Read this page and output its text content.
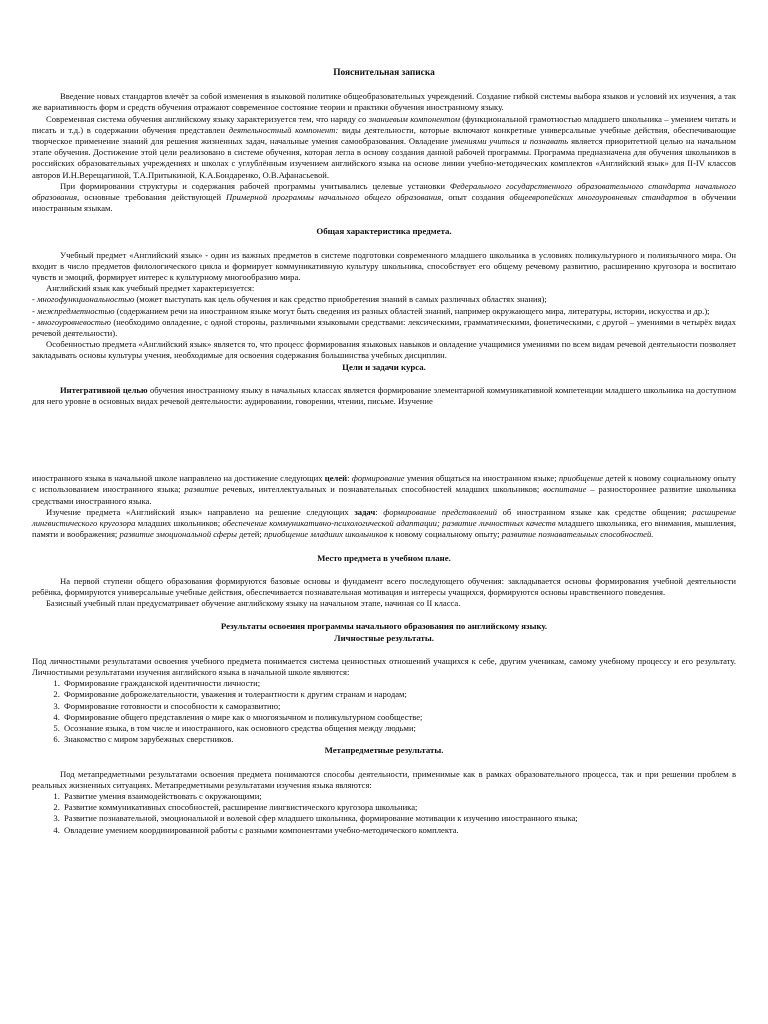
Пояснительная записка

Введение новых стандартов влечёт за собой изменения в языковой политике общеобразовательных учреждений. Создание гибкой системы выбора языков и условий их изучения, а так же вариативность форм и средств обучения отражают современное состояние теории и практики обучения иностранному языку.

Современная система обучения английскому языку характеризуется тем, что наряду со знаниевым компонентом (функциональной грамотностью младшего школьника – умением читать и писать и т.д.) в содержании обучения представлен деятельностный компонент: виды деятельности, которые включают конкретные универсальные учебные действия, обеспечивающие творческое применение знаний для решения жизненных задач, начальные умения самообразования. Овладение умениями учиться и познавать является приоритетной целью на начальном этапе обучения. Достижение этой цели реализовано в системе обучения, которая легла в основу создания данной рабочей программы. Программа предназначена для обучения школьников в российских образовательных учреждениях и школах с углублённым изучением английского языка на основе линии учебно-методических комплектов «Английский язык» для II-IV классов авторов И.Н.Верещагиной, Т.А.Притыкиной, К.А.Бондаренко, О.В.Афанасьевой.

При формировании структуры и содержания рабочей программы учитывались целевые установки Федерального государственного образовательного стандарта начального образования, основные требования действующей Примерной программы начального общего образования, опыт создания общеевропейских многоуровневых стандартов в обучении иностранным языкам.

Общая характеристика предмета.

Учебный предмет «Английский язык» - один из важных предметов в системе подготовки современного младшего школьника в условиях поликультурного и полиязычного мира. Он входит в число предметов филологического цикла и формирует коммуникативную культуру школьника, способствует его общему речевому развитию, расширению кругозора и воспитаю чувств и эмоций, формирует интерес к культурному многообразию мира.

Английский язык как учебный предмет характеризуется:

- многофункциональностью (может выступать как цель обучения и как средство приобретения знаний в самых различных областях знания);

- межпредметностью (содержанием речи на иностранном языке могут быть сведения из разных областей знаний, например окружающего мира, литературы, истории, искусства и др.);

- многоуровневостью (необходимо овладение, с одной стороны, различными языковыми средствами: лексическими, грамматическими, фонетическими, с другой – умениями в четырёх видах речевой деятельности).

Особенностью предмета «Английский язык» является то, что процесс формирования языковых навыков и овладение учащимися умениями по всем видам речевой деятельности позволяет закладывать основы культуры учения, необходимые для освоения содержания большинства учебных дисциплин.

Цели и задачи курса.

Интегративной целью обучения иностранному языку в начальных классах является формирование элементарной коммуникативной компетенции младшего школьника на доступном для него уровне в основных видах речевой деятельности: аудировании, говорении, чтении, письме. Изучение

иностранного языка в начальной школе направлено на достижение следующих целей: формирование умения общаться на иностранном языке; приобщение детей к новому социальному опыту с использованием иностранного языка; развитие речевых, интеллектуальных и познавательных способностей младших школьников; воспитание – разностороннее развитие школьника средствами иностранного языка.

Изучение предмета «Английский язык» направлено на решение следующих задач: формирование представлений об иностранном языке как средстве общения; расширение лингвистического кругозора младших школьников; обеспечение коммуникативно-психологической адаптации; развитие личностных качеств младшего школьника, его внимания, мышления, памяти и воображения; развитие эмоциональной сферы детей; приобщение младших школьников к новому социальному опыту; развитие познавательных способностей.

Место предмета в учебном плане.

На первой ступени общего образования формируются базовые основы и фундамент всего последующего обучения: закладывается основы формирования учебной деятельности ребёнка, формируются универсальные учебные действия, обеспечивается познавательная мотивация и интересы учащихся, формируются основы нравственного поведения.

Базисный учебный план предусматривает обучение английскому языку на начальном этапе, начиная со II класса.

Результаты освоения программы начального образования по английскому языку.

Личностные результаты.

Под личностными результатами освоения учебного предмета понимается система ценностных отношений учащихся к себе, другим ученикам, самому учебному процессу и его результату. Личностными результатами изучения английского языка в начальной школе являются:

1. Формирование гражданской идентичности личности;
2. Формирование доброжелательности, уважения и толерантности к другим странам и народам;
3. Формирование готовности и способности к саморазвитию;
4. Формирование общего представления о мире как о многоязычном и поликультурном сообществе;
5. Осознание языка, в том числе и иностранного, как основного средства общения между людьми;
6. Знакомство с миром зарубежных сверстников.

Метапредметные результаты.

Под метапредметными результатами освоения предмета понимаются способы деятельности, применимые как в рамках образовательного процесса, так и при решении проблем в реальных жизненных ситуациях. Метапредметными результатами изучения языка являются:

1. Развитие умения взаимодействовать с окружающими;
2. Развитие коммуникативных способностей, расширение лингвистического кругозора школьника;
3. Развитие познавательной, эмоциональной и волевой сфер младшего школьника, формирование мотивации к изучению иностранного языка;
4. Овладение умением координированной работы с разными компонентами учебно-методического комплекта.
